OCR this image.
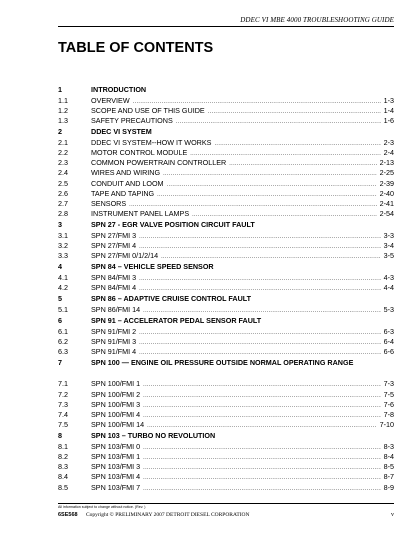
DDEC VI MBE 4000 TROUBLESHOOTING GUIDE
TABLE OF CONTENTS
1	INTRODUCTION
1.1	OVERVIEW .....	1-3
1.2	SCOPE AND USE OF THIS GUIDE .....	1-4
1.3	SAFETY PRECAUTIONS .....	1-6
2	DDEC VI SYSTEM
2.1	DDEC VI SYSTEM--HOW IT WORKS .....	2-3
2.2	MOTOR CONTROL MODULE .....	2-4
2.3	COMMON POWERTRAIN CONTROLLER .....	2-13
2.4	WIRES AND WIRING .....	2-25
2.5	CONDUIT AND LOOM .....	2-39
2.6	TAPE AND TAPING .....	2-40
2.7	SENSORS .....	2-41
2.8	INSTRUMENT PANEL LAMPS .....	2-54
3	SPN 27 - EGR VALVE POSITION CIRCUIT FAULT
3.1	SPN 27/FMI 3 .....	3-3
3.2	SPN 27/FMI 4 .....	3-4
3.3	SPN 27/FMI 0/1/2/14 .....	3-5
4	SPN 84 – VEHICLE SPEED SENSOR
4.1	SPN 84/FMI 3 .....	4-3
4.2	SPN 84/FMI 4 .....	4-4
5	SPN 86 – ADAPTIVE CRUISE CONTROL FAULT
5.1	SPN 86/FMI 14 .....	5-3
6	SPN 91 – ACCELERATOR PEDAL SENSOR FAULT
6.1	SPN 91/FMI 2 .....	6-3
6.2	SPN 91/FMI 3 .....	6-4
6.3	SPN 91/FMI 4 .....	6-6
7	SPN 100 — ENGINE OIL PRESSURE OUTSIDE NORMAL OPERATING RANGE
7.1	SPN 100/FMI 1 .....	7-3
7.2	SPN 100/FMI 2 .....	7-5
7.3	SPN 100/FMI 3 .....	7-6
7.4	SPN 100/FMI 4 .....	7-8
7.5	SPN 100/FMI 14 .....	7-10
8	SPN 103 – TURBO NO REVOLUTION
8.1	SPN 103/FMI 0 .....	8-3
8.2	SPN 103/FMI 1 .....	8-4
8.3	SPN 103/FMI 3 .....	8-5
8.4	SPN 103/FMI 4 .....	8-7
8.5	SPN 103/FMI 7 .....	8-9
All information subject to change without notice. (Rev. )
6SE568 Copyright © PRELIMINARY 2007 DETROIT DIESEL CORPORATION	v
